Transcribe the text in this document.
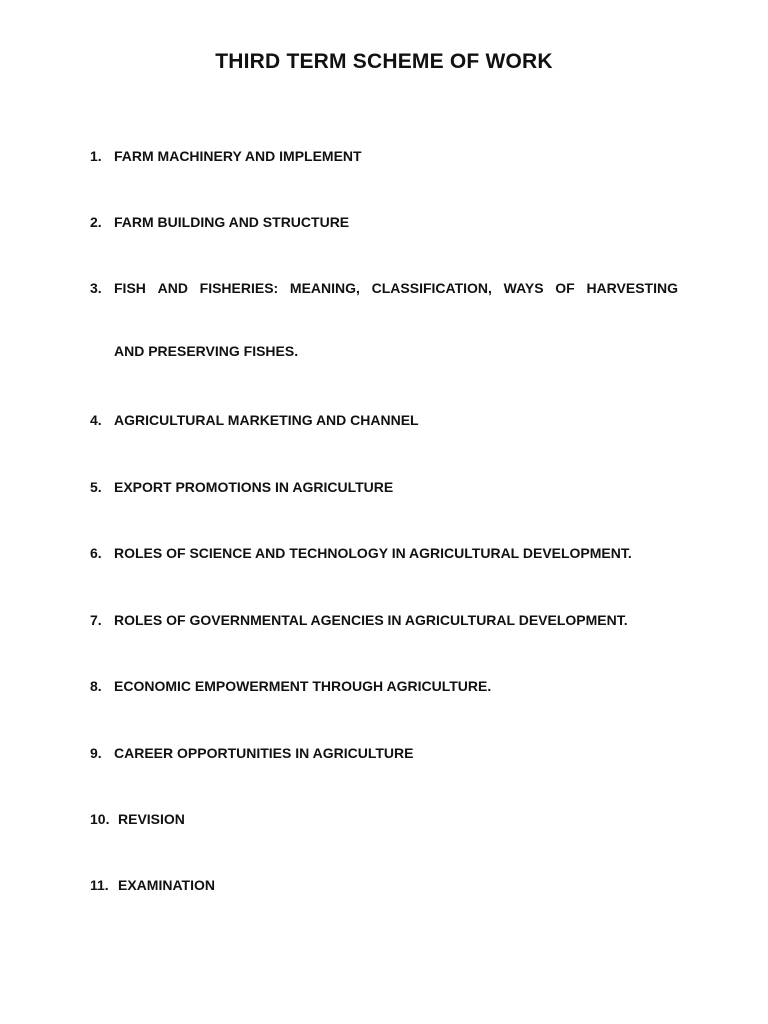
THIRD TERM SCHEME OF WORK
1. FARM MACHINERY AND IMPLEMENT
2. FARM BUILDING AND STRUCTURE
3. FISH AND FISHERIES: MEANING, CLASSIFICATION, WAYS OF HARVESTING
AND PRESERVING FISHES.
4. AGRICULTURAL MARKETING AND CHANNEL
5. EXPORT PROMOTIONS IN AGRICULTURE
6. ROLES OF SCIENCE AND TECHNOLOGY IN AGRICULTURAL DEVELOPMENT.
7. ROLES OF GOVERNMENTAL AGENCIES IN AGRICULTURAL DEVELOPMENT.
8. ECONOMIC EMPOWERMENT THROUGH AGRICULTURE.
9. CAREER OPPORTUNITIES IN AGRICULTURE
10. REVISION
11. EXAMINATION
